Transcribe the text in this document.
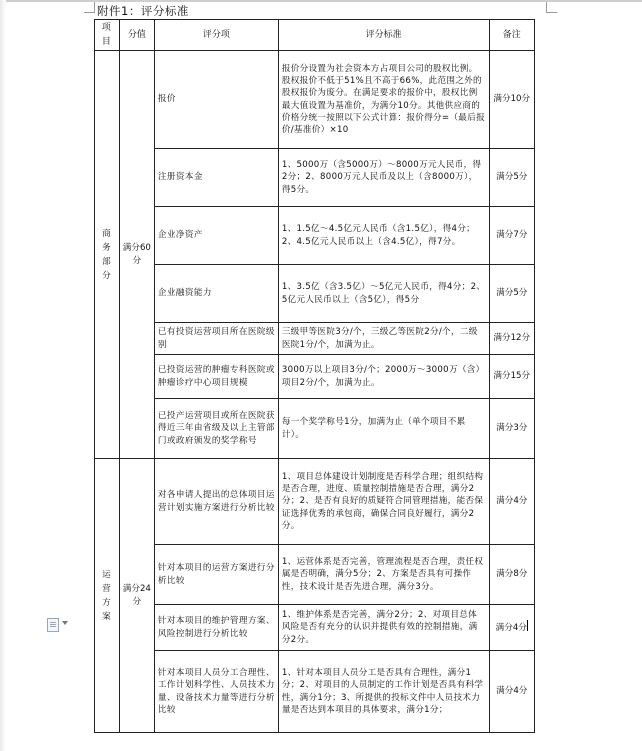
附件1：评分标准
项目	分值	评分项	评分标准	备注

商务部分	满分60分	报价	报价分设置为社会资本方占项目公司的股权比例。股权报价不低于51%且不高于66%，此范围之外的股权报价为废分。在满足要求的报价中，股权比例最大值设置为基准价，为满分10分。其他供应商的价格分统一按照以下公式计算：报价得分=（最后报价/基准价）×10	满分10分
		注册资本金	1、5000万（含5000万）～8000万元人民币，得2分；2、8000万元人民币及以上（含8000万），得5分。	满分5分
		企业净资产	1、1.5亿～4.5亿元人民币（含1.5亿），得4分；2、4.5亿元人民币以上（含4.5亿），得7分。	满分7分
		企业融资能力	1、3.5亿（含3.5亿）～5亿元人民币，得4分；2、5亿元人民币以上（含5亿），得5分	满分5分
		已有投资运营项目所在医院级别	三级甲等医院3分/个，三级乙等医院2分/个，二级医院1分/个，加满为止。	满分12分
		已投资运营的肿瘤专科医院或肿瘤诊疗中心项目规模	3000万以上项目3分/个；2000万～3000万（含）项目2分/个，加满为止。	满分15分
		已投产运营项目或所在医院获得近三年由省级及以上主管部门或政府颁发的奖学称号	每一个奖学称号1分，加满为止（单个项目不累计）。	满分3分

运营方案	满分24分	对各申请人提出的总体项目运营计划实施方案进行分析比较	1、项目总体建设计划制度是否科学合理；组织结构是否合理，进度、质量控制措施是否合理，满分2分；2、是否有良好的质疑符合同管理措施，能否保证选择优秀的承包商，确保合同良好履行，满分2分。	满分4分
		针对本项目的运营方案进行分析比较	1、运营体系是否完善，管理流程是否合理，责任权属是否明确，满分5分；2、方案是否具有可操作性，技术设计是否先进合理，满分3分。	满分8分
		针对本项目的维护管理方案、风险控制进行分析比较	1、维护体系是否完善，满分2分；2、对项目总体风险是否有充分的认识并提供有效的控制措施，满分2分。	满分4分
		针对本项目人员分工合理性、工作计划科学性、人员技术力量、设备技术力量等进行分析比较	1、针对本项目人员分工是否具有合理性，满分1分；2、对项目的人员制定的工作计划是否具有科学性，满分1分；3、所提供的投标文件中人员技术力量是否达到本项目的具体要求，满分1分；	满分4分
